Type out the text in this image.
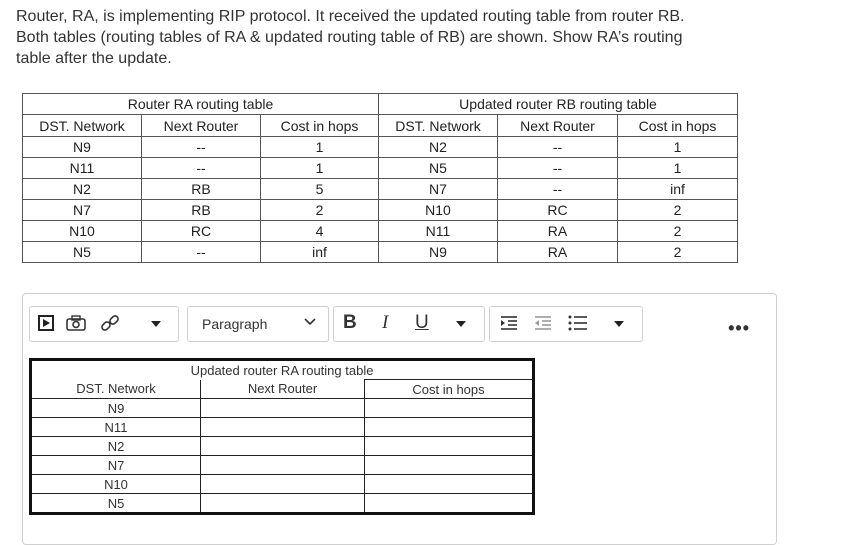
Router, RA, is implementing RIP protocol. It received the updated routing table from router RB.

Both tables (routing tables of RA & updated routing table of RB) are shown. Show RA’s routing

table after the update.

Router RA routing table			Updated router RB routing table		
DST. Network	Next Router	Cost in hops	DST. Network	Next Router	Cost in hops
N9	--	1	N2	--	1
N11	--	1	N5	--	1
N2	RB	5	N7	--	inf
N7	RB	2	N10	RC	2
N10	RC	4	N11	RA	2
N5	--	inf	N9	RA	2
Paragraph	B I U	•••
Updated router RA routing table		
DST. Network	Next Router	Cost in hops
N9		
N11		
N2		
N7		
N10		
N5		
